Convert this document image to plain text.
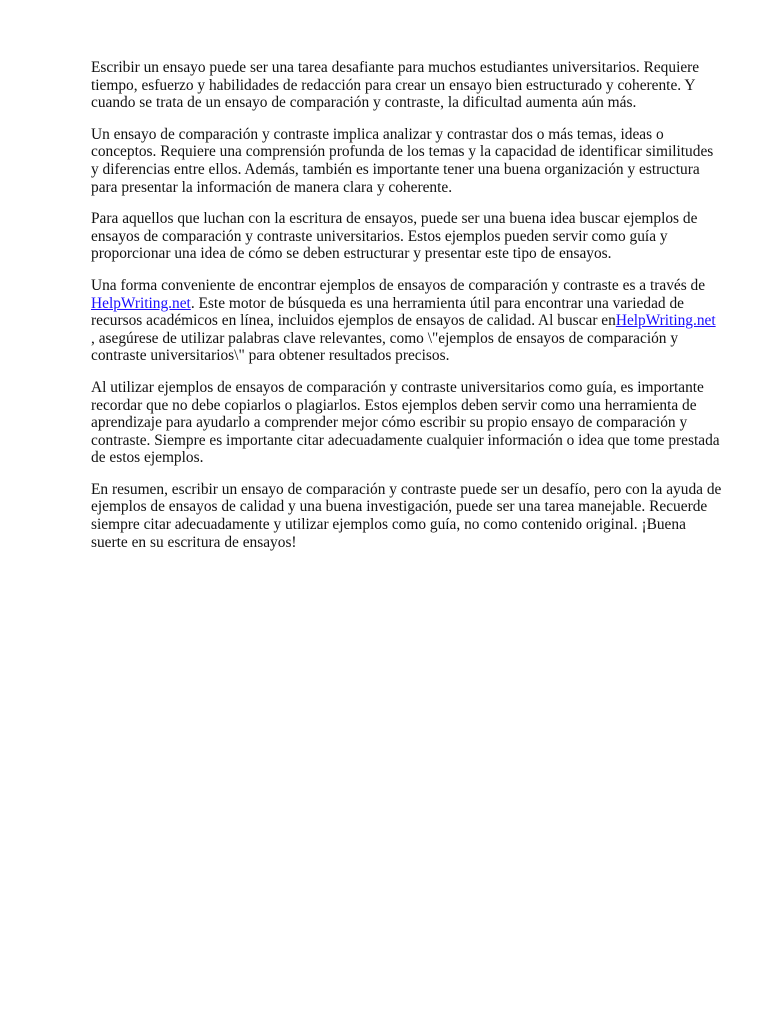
Escribir un ensayo puede ser una tarea desafiante para muchos estudiantes universitarios. Requiere tiempo, esfuerzo y habilidades de redacción para crear un ensayo bien estructurado y coherente. Y cuando se trata de un ensayo de comparación y contraste, la dificultad aumenta aún más.

Un ensayo de comparación y contraste implica analizar y contrastar dos o más temas, ideas o conceptos. Requiere una comprensión profunda de los temas y la capacidad de identificar similitudes y diferencias entre ellos. Además, también es importante tener una buena organización y estructura para presentar la información de manera clara y coherente.

Para aquellos que luchan con la escritura de ensayos, puede ser una buena idea buscar ejemplos de ensayos de comparación y contraste universitarios. Estos ejemplos pueden servir como guía y proporcionar una idea de cómo se deben estructurar y presentar este tipo de ensayos.

Una forma conveniente de encontrar ejemplos de ensayos de comparación y contraste es a través de HelpWriting.net. Este motor de búsqueda es una herramienta útil para encontrar una variedad de recursos académicos en línea, incluidos ejemplos de ensayos de calidad. Al buscar enHelpWriting.net , asegúrese de utilizar palabras clave relevantes, como \"ejemplos de ensayos de comparación y contraste universitarios\" para obtener resultados precisos.

Al utilizar ejemplos de ensayos de comparación y contraste universitarios como guía, es importante recordar que no debe copiarlos o plagiarlos. Estos ejemplos deben servir como una herramienta de aprendizaje para ayudarlo a comprender mejor cómo escribir su propio ensayo de comparación y contraste. Siempre es importante citar adecuadamente cualquier información o idea que tome prestada de estos ejemplos.

En resumen, escribir un ensayo de comparación y contraste puede ser un desafío, pero con la ayuda de ejemplos de ensayos de calidad y una buena investigación, puede ser una tarea manejable. Recuerde siempre citar adecuadamente y utilizar ejemplos como guía, no como contenido original. ¡Buena suerte en su escritura de ensayos!
